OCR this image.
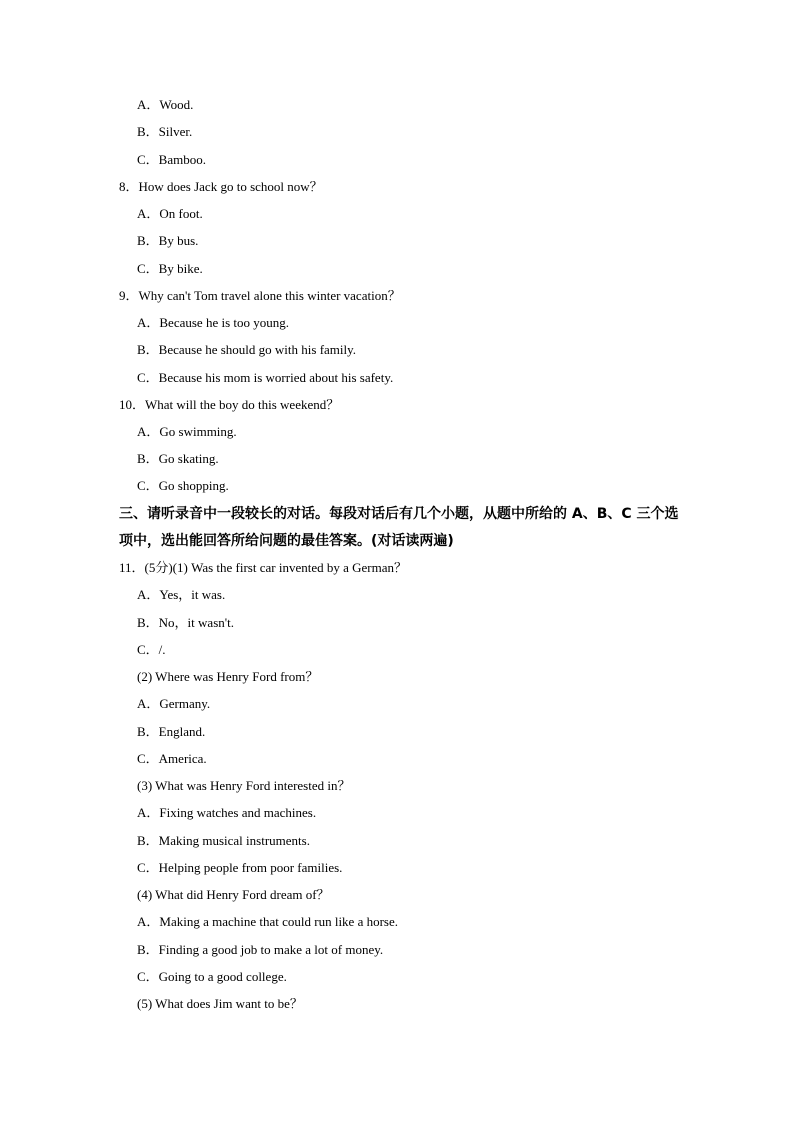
A．Wood.
B．Silver.
C．Bamboo.
8．How does Jack go to school now？
A．On foot.
B．By bus.
C．By bike.
9．Why can't Tom travel alone this winter vacation？
A．Because he is too young.
B．Because he should go with his family.
C．Because his mom is worried about his safety.
10．What will the boy do this weekend？
A．Go swimming.
B．Go skating.
C．Go shopping.
三、请听录音中一段较长的对话。每段对话后有几个小题，从题中所给的 A、B、C 三个选
项中，选出能回答所给问题的最佳答案。(对话读两遍)
11．(5分)(1) Was the first car invented by a German？
A．Yes，it was.
B．No，it wasn't.
C．/.
(2) Where was Henry Ford from？
A．Germany.
B．England.
C．America.
(3) What was Henry Ford interested in？
A．Fixing watches and machines.
B．Making musical instruments.
C．Helping people from poor families.
(4) What did Henry Ford dream of？
A．Making a machine that could run like a horse.
B．Finding a good job to make a lot of money.
C．Going to a good college.
(5) What does Jim want to be？
